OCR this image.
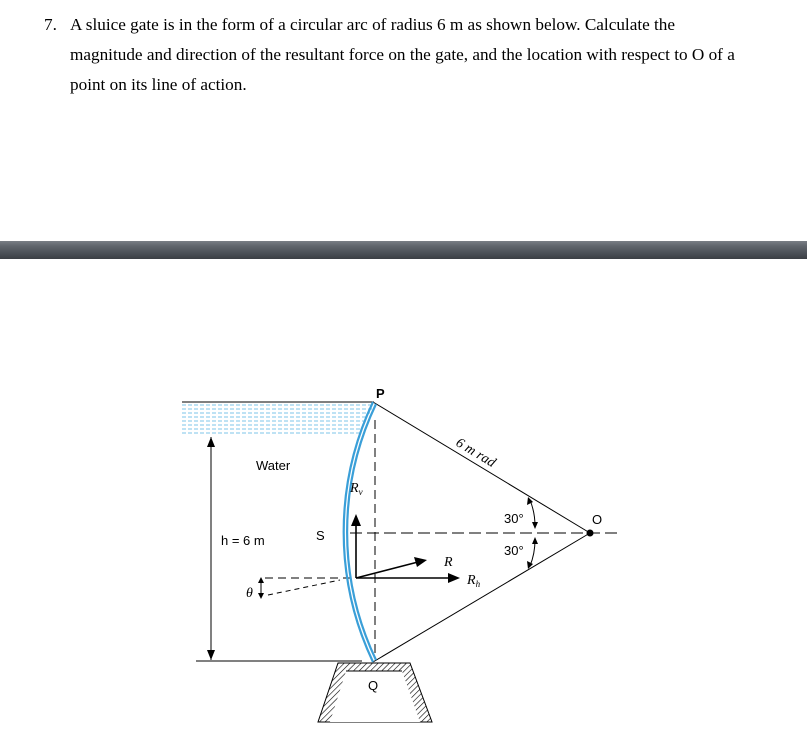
7. A sluice gate is in the form of a circular arc of radius 6 m as shown below. Calculate the magnitude and direction of the resultant force on the gate, and the location with respect to O of a point on its line of action.
P
Q
O
S
Water
h = 6 m
30°
30°
6 m rad
$R_v$
$R_h$
R
θ
